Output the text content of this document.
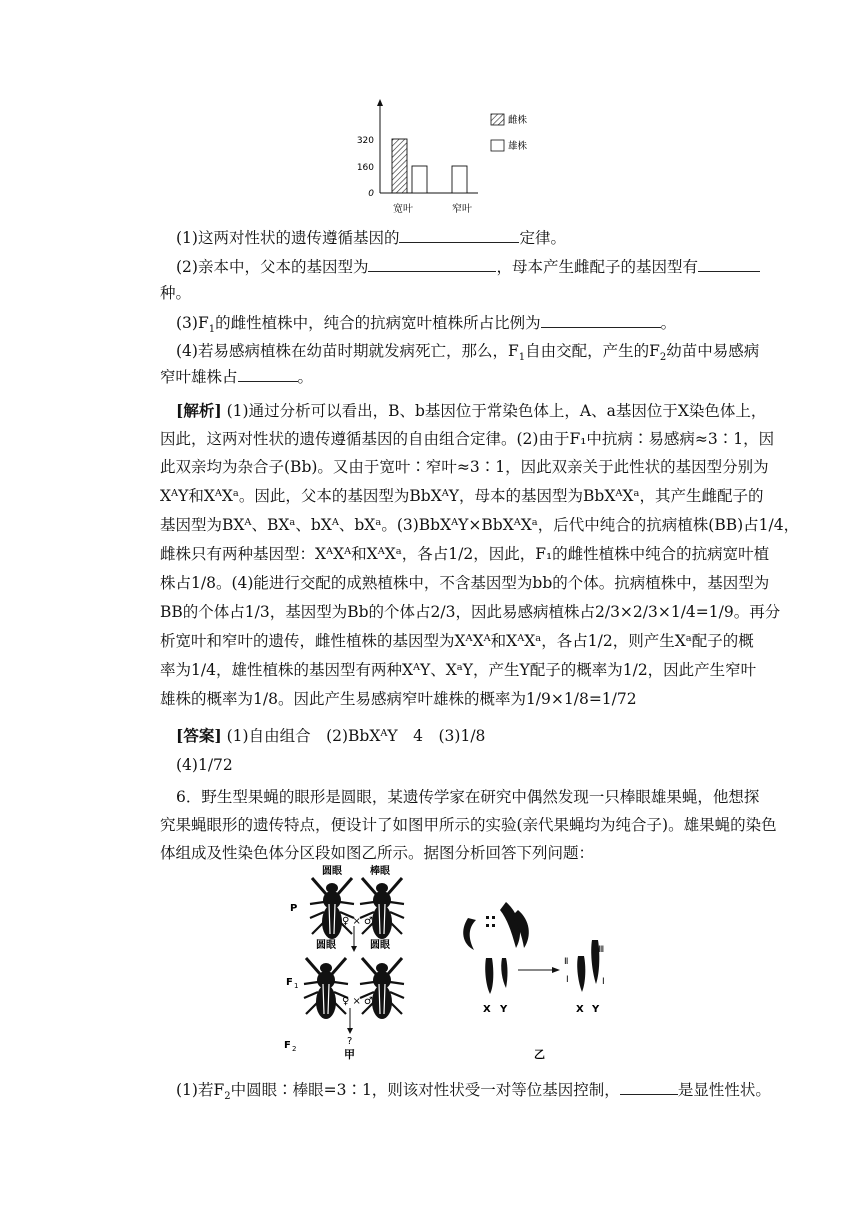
320
160
0
宽叶	窄叶
雌株
雄株
(1)这两对性状的遗传遵循基因的	定律。
(2)亲本中，父本的基因型为	，母本产生雌配子的基因型有
种。
$(3)F_1$的雌性植株中，纯合的抗病宽叶植株所占比例为	。
(4)若易感病植株在幼苗时期就发病死亡，那么，$F_1$自由交配，产生的$F_2$幼苗中易感病
窄叶雄株占	。
[解析] (1)通过分析可以看出，B、b基因位于常染色体上，A、a基因位于X染色体上，
因此，这两对性状的遗传遵循基因的自由组合定律。(2)由于F₁中抗病∶易感病≈3∶1，因
此双亲均为杂合子(Bb)。又由于宽叶∶窄叶≈3∶1，因此双亲关于此性状的基因型分别为
XᴬY和XᴬXᵃ。因此，父本的基因型为BbXᴬY，母本的基因型为BbXᴬXᵃ，其产生雌配子的
基因型为BXᴬ、BXᵃ、bXᴬ、bXᵃ。(3)BbXᴬY×BbXᴬXᵃ，后代中纯合的抗病植株(BB)占1/4，
雌株只有两种基因型：XᴬXᴬ和XᴬXᵃ，各占1/2，因此，F₁的雌性植株中纯合的抗病宽叶植
株占1/8。(4)能进行交配的成熟植株中，不含基因型为bb的个体。抗病植株中，基因型为
BB的个体占1/3，基因型为Bb的个体占2/3，因此易感病植株占2/3×2/3×1/4=1/9。再分
析宽叶和窄叶的遗传，雌性植株的基因型为XᴬXᴬ和XᴬXᵃ，各占1/2，则产生Xᵃ配子的概
率为1/4，雄性植株的基因型有两种XᴬY、XᵃY，产生Y配子的概率为1/2，因此产生窄叶
雄株的概率为1/8。因此产生易感病窄叶雄株的概率为1/9×1/8=1/72
[答案] (1)自由组合　(2)BbXᴬY　4　(3)1/8
(4)1/72
6．野生型果蝇的眼形是圆眼，某遗传学家在研究中偶然发现一只棒眼雄果蝇，他想探
究果蝇眼形的遗传特点，便设计了如图甲所示的实验(亲代果蝇均为纯合子)。雄果蝇的染色
体组成及性染色体分区段如图乙所示。据图分析回答下列问题：
P
F 1
F 2
圆眼	棒眼
♀ × ♂
圆眼	圆眼
♀ × ♂
?
甲
X Y
Ⅱ
Ⅰ
Ⅲ
Ⅰ
X Y
乙
(1)若$F_2$中圆眼∶棒眼=3∶1，则该对性状受一对等位基因控制，	是显性性状。
